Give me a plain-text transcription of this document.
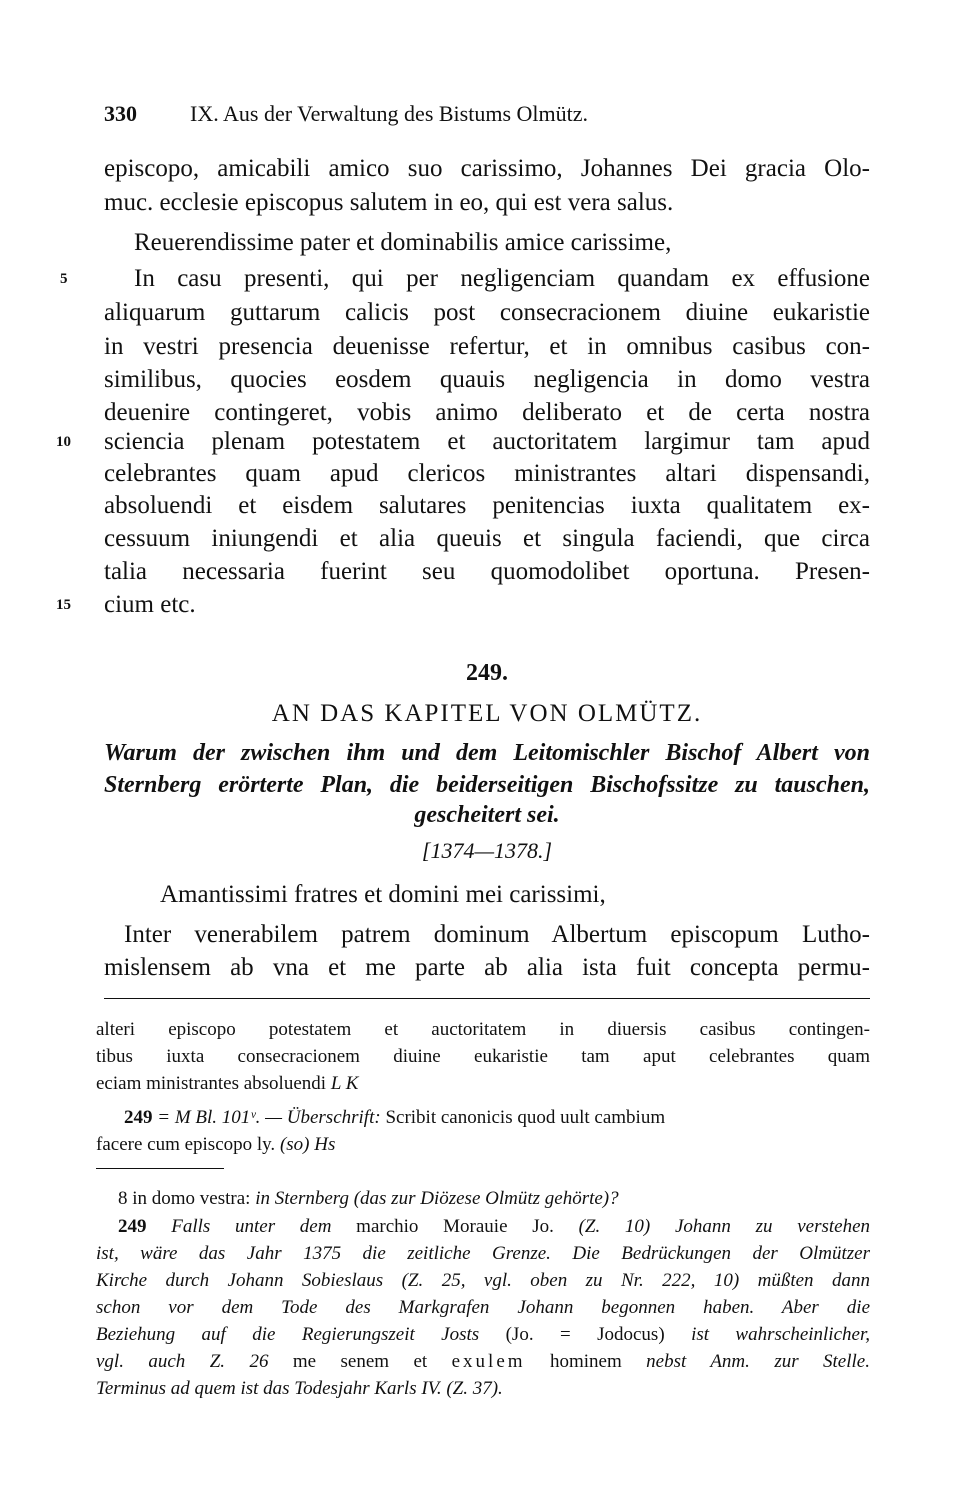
330 IX. Aus der Verwaltung des Bistums Olmütz.
episcopo, amicabili amico suo carissimo, Johannes Dei gracia Olo-
muc. ecclesie episcopus salutem in eo, qui est vera salus.
Reuerendissime pater et dominabilis amice carissime,
In casu presenti, qui per negligenciam quandam ex effusione
aliquarum guttarum calicis post consecracionem diuine eukaristie
in vestri presencia deuenisse refertur, et in omnibus casibus con-
similibus, quocies eosdem quauis negligencia in domo vestra
deuenire contingeret, vobis animo deliberato et de certa nostra
sciencia plenam potestatem et auctoritatem largimur tam apud
celebrantes quam apud clericos ministrantes altari dispensandi,
absoluendi et eisdem salutares penitencias iuxta qualitatem ex-
cessuum iniungendi et alia queuis et singula faciendi, que circa
talia necessaria fuerint seu quomodolibet oportuna. Presen-
cium etc.
5
10
15
249.
AN DAS KAPITEL VON OLMÜTZ.
Warum der zwischen ihm und dem Leitomischler Bischof Albert von
Sternberg erörterte Plan, die beiderseitigen Bischofssitze zu tauschen,
gescheitert sei.
[1374—1378.]
Amantissimi fratres et domini mei carissimi,
Inter venerabilem patrem dominum Albertum episcopum Lutho-
mislensem ab vna et me parte ab alia ista fuit concepta permu-
alteri episcopo potestatem et auctoritatem in diuersis casibus contingen-
tibus iuxta consecracionem diuine eukaristie tam aput celebrantes quam
eciam ministrantes absoluendi L K
249 = M Bl. 101ᵛ. — Überschrift: Scribit canonicis quod uult cambium
facere cum episcopo ly. (so) Hs
8 in domo vestra: in Sternberg (das zur Diözese Olmütz gehörte)?
249 Falls unter dem marchio Morauie Jo. (Z. 10) Johann zu verstehen
ist, wäre das Jahr 1375 die zeitliche Grenze. Die Bedrückungen der Olmützer
Kirche durch Johann Sobieslaus (Z. 25, vgl. oben zu Nr. 222, 10) müßten dann
schon vor dem Tode des Markgrafen Johann begonnen haben. Aber die
Beziehung auf die Regierungszeit Josts (Jo. = Jodocus) ist wahrscheinlicher,
vgl. auch Z. 26 me senem et exulem hominem nebst Anm. zur Stelle.
Terminus ad quem ist das Todesjahr Karls IV. (Z. 37).
